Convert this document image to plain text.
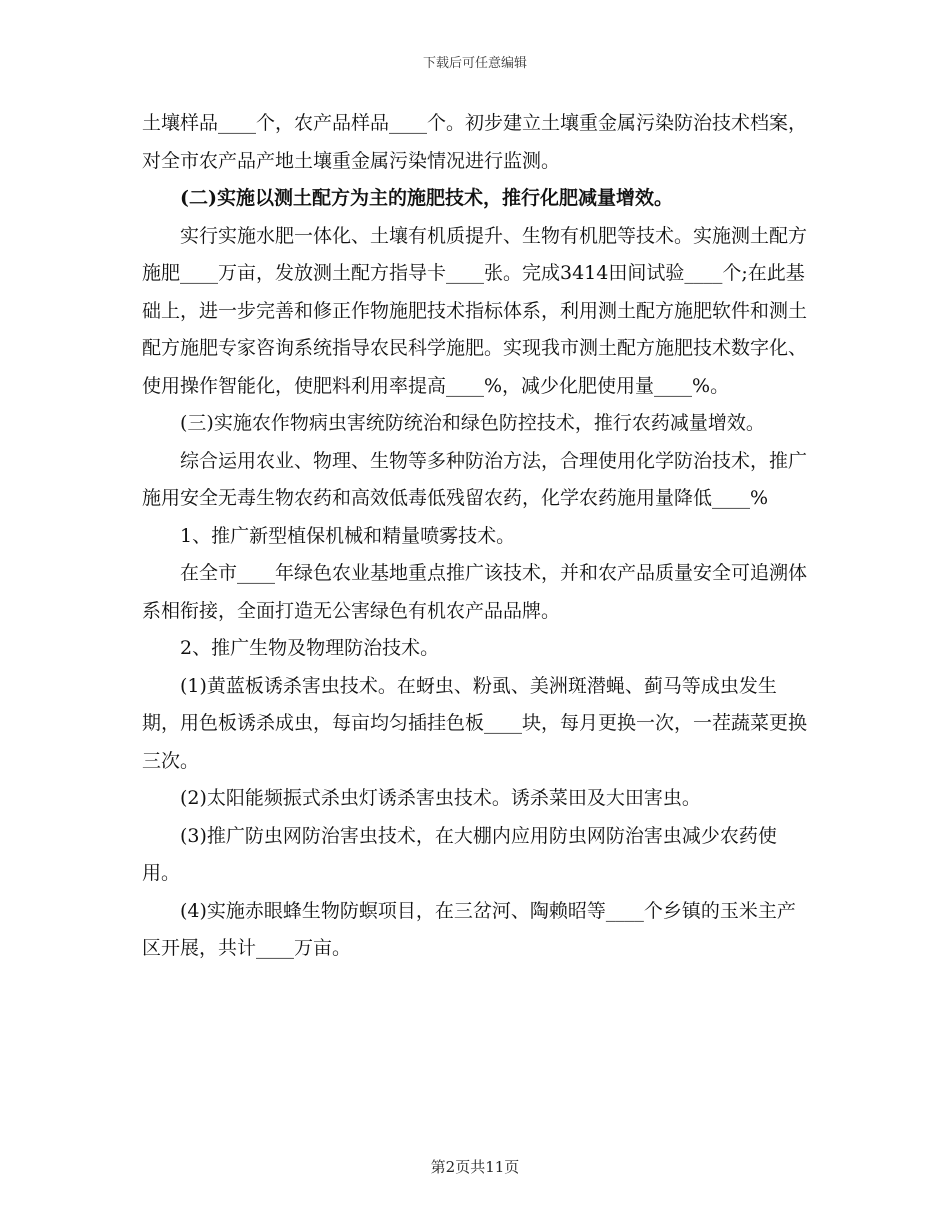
下载后可任意编辑

土壤样品____个，农产品样品____个。初步建立土壤重金属污染防治技术档案，对全市农产品产地土壤重金属污染情况进行监测。

(二)实施以测土配方为主的施肥技术，推行化肥减量增效。

实行实施水肥一体化、土壤有机质提升、生物有机肥等技术。实施测土配方施肥____万亩，发放测土配方指导卡____张。完成3414田间试验____个;在此基础上，进一步完善和修正作物施肥技术指标体系，利用测土配方施肥软件和测土配方施肥专家咨询系统指导农民科学施肥。实现我市测土配方施肥技术数字化、使用操作智能化，使肥料利用率提高____%，减少化肥使用量____%。

(三)实施农作物病虫害统防统治和绿色防控技术，推行农药减量增效。

综合运用农业、物理、生物等多种防治方法，合理使用化学防治技术，推广施用安全无毒生物农药和高效低毒低残留农药，化学农药施用量降低____%

1、推广新型植保机械和精量喷雾技术。

在全市____年绿色农业基地重点推广该技术，并和农产品质量安全可追溯体系相衔接，全面打造无公害绿色有机农产品品牌。

2、推广生物及物理防治技术。

(1)黄蓝板诱杀害虫技术。在蚜虫、粉虱、美洲斑潜蝇、蓟马等成虫发生期，用色板诱杀成虫，每亩均匀插挂色板____块，每月更换一次，一茬蔬菜更换三次。

(2)太阳能频振式杀虫灯诱杀害虫技术。诱杀菜田及大田害虫。

(3)推广防虫网防治害虫技术，在大棚内应用防虫网防治害虫减少农药使用。

(4)实施赤眼蜂生物防螟项目，在三岔河、陶赖昭等____个乡镇的玉米主产区开展，共计____万亩。

第2页共11页
